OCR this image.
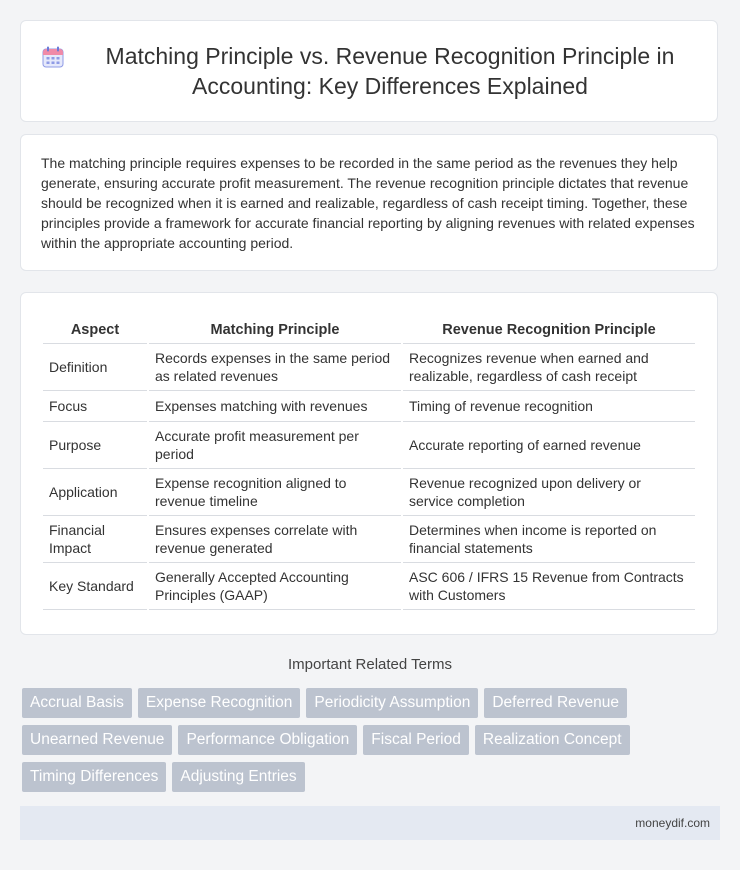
Matching Principle vs. Revenue Recognition Principle in Accounting: Key Differences Explained

The matching principle requires expenses to be recorded in the same period as the revenues they help generate, ensuring accurate profit measurement. The revenue recognition principle dictates that revenue should be recognized when it is earned and realizable, regardless of cash receipt timing. Together, these principles provide a framework for accurate financial reporting by aligning revenues with related expenses within the appropriate accounting period.

Aspect	Matching Principle	Revenue Recognition Principle
Definition	Records expenses in the same period as related revenues	Recognizes revenue when earned and realizable, regardless of cash receipt
Focus	Expenses matching with revenues	Timing of revenue recognition
Purpose	Accurate profit measurement per period	Accurate reporting of earned revenue
Application	Expense recognition aligned to revenue timeline	Revenue recognized upon delivery or service completion
Financial Impact	Ensures expenses correlate with revenue generated	Determines when income is reported on financial statements
Key Standard	Generally Accepted Accounting Principles (GAAP)	ASC 606 / IFRS 15 Revenue from Contracts with Customers
Important Related Terms
Accrual Basis	Expense Recognition	Periodicity Assumption	Deferred Revenue
Unearned Revenue	Performance Obligation	Fiscal Period	Realization Concept
Timing Differences	Adjusting Entries
moneydif.com
